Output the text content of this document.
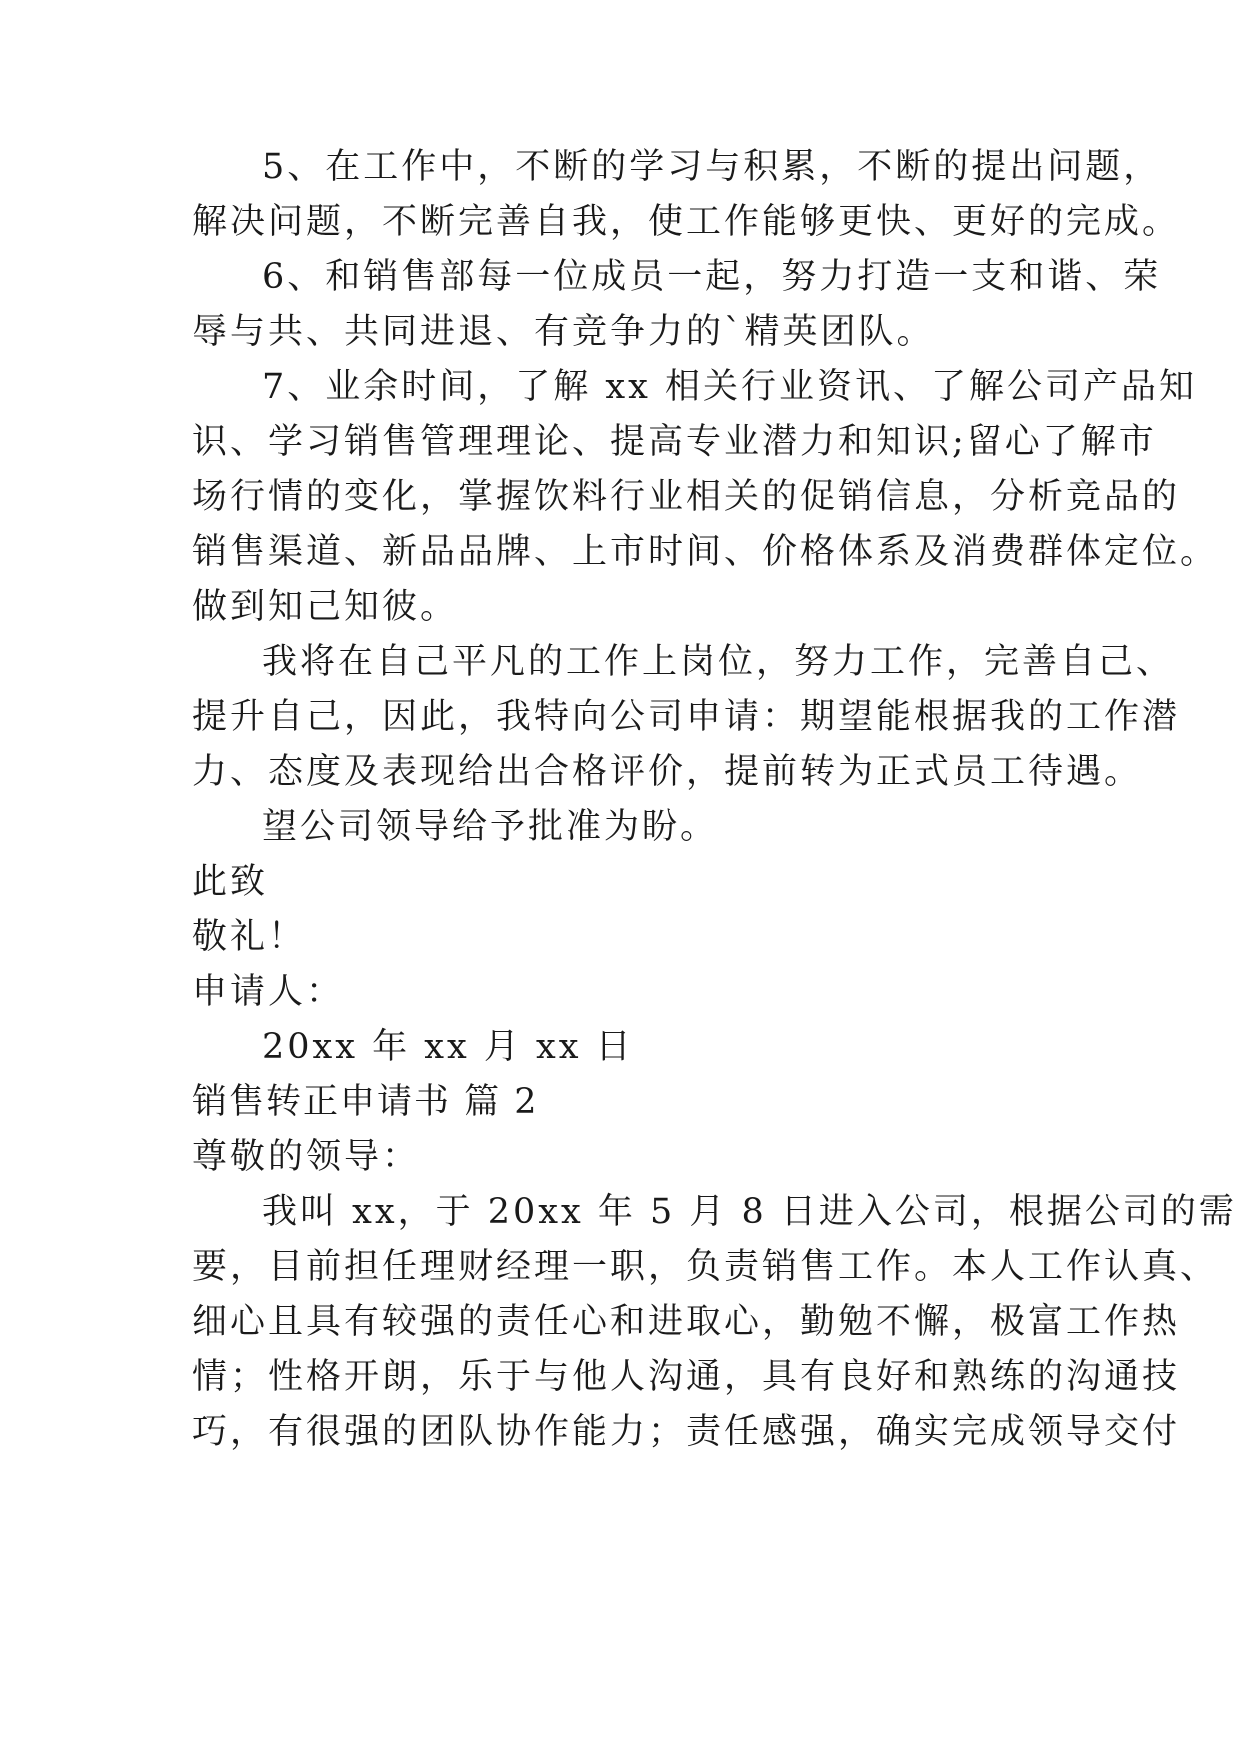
5、在工作中，不断的学习与积累，不断的提出问题，

解决问题，不断完善自我，使工作能够更快、更好的完成。

6、和销售部每一位成员一起，努力打造一支和谐、荣

辱与共、共同进退、有竞争力的`精英团队。

7、业余时间，了解 xx 相关行业资讯、了解公司产品知

识、学习销售管理理论、提高专业潜力和知识;留心了解市

场行情的变化，掌握饮料行业相关的促销信息，分析竞品的

销售渠道、新品品牌、上市时间、价格体系及消费群体定位。

做到知己知彼。

我将在自己平凡的工作上岗位，努力工作，完善自己、

提升自己，因此，我特向公司申请：期望能根据我的工作潜

力、态度及表现给出合格评价，提前转为正式员工待遇。

望公司领导给予批准为盼。

此致

敬礼！

申请人：

20xx 年 xx 月 xx 日

销售转正申请书 篇 2

尊敬的领导：

我叫 xx，于 20xx 年 5 月 8 日进入公司，根据公司的需

要，目前担任理财经理一职，负责销售工作。本人工作认真、

细心且具有较强的责任心和进取心，勤勉不懈，极富工作热

情；性格开朗，乐于与他人沟通，具有良好和熟练的沟通技

巧，有很强的团队协作能力；责任感强，确实完成领导交付
